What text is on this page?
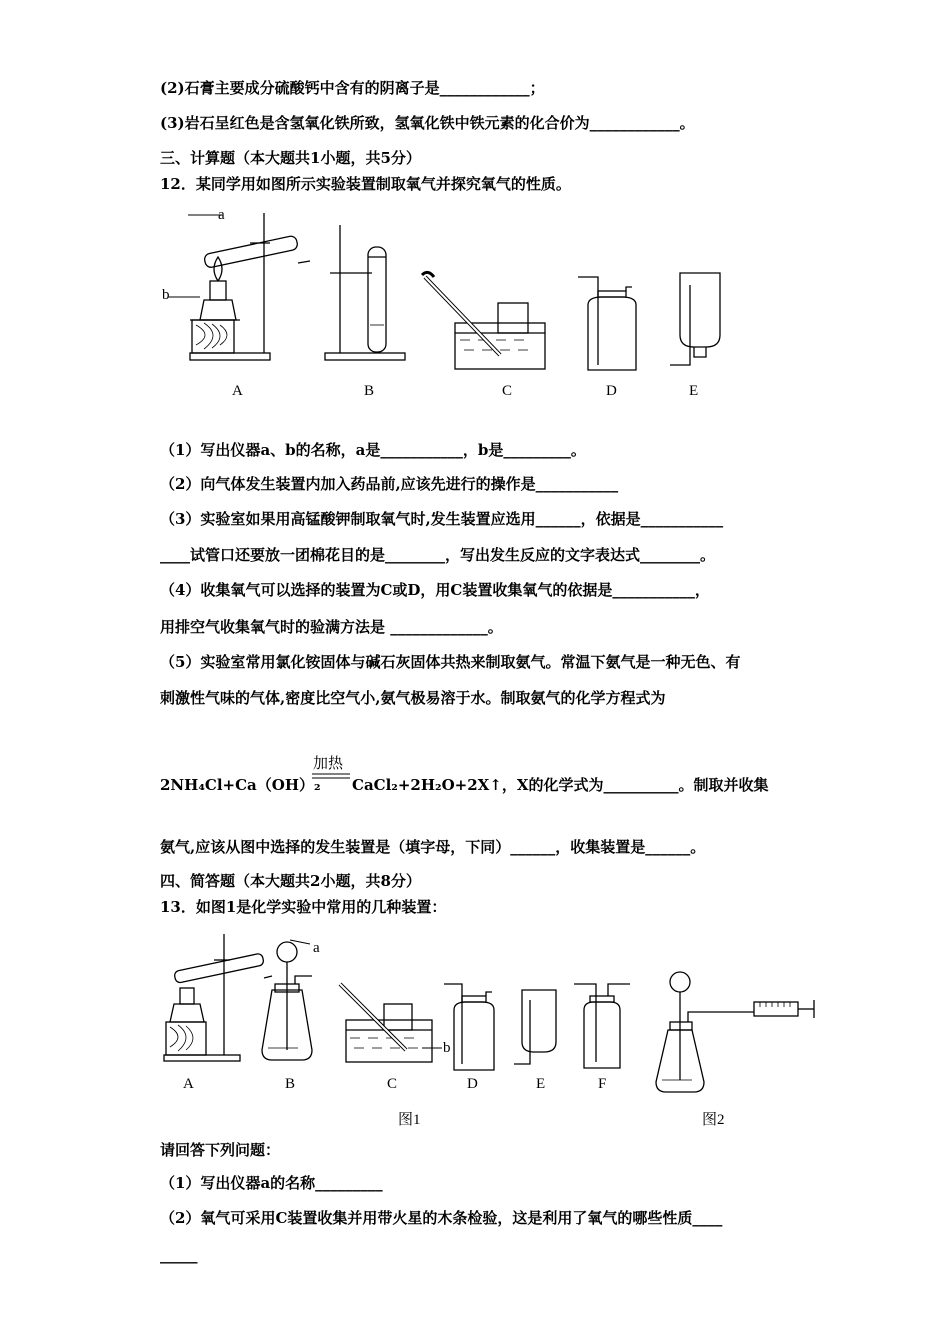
(2)石膏主要成分硫酸钙中含有的阴离子是____________；
(3)岩石呈红色是含氢氧化铁所致，氢氧化铁中铁元素的化合价为____________。
三、计算题（本大题共1小题，共5分）
12．某同学用如图所示实验装置制取氧气并探究氧气的性质。
a
b
A	B	C	D	E
（1）写出仪器a、b的名称，a是___________，b是_________。
（2）向气体发生装置内加入药品前,应该先进行的操作是___________
（3）实验室如果用高锰酸钾制取氧气时,发生装置应选用______，依据是___________
____试管口还要放一团棉花目的是________，写出发生反应的文字表达式________。
（4）收集氧气可以选择的装置为C或D，用C装置收集氧气的依据是___________，
用排空气收集氧气时的验满方法是 _____________。
（5）实验室常用氯化铵固体与碱石灰固体共热来制取氨气。常温下氨气是一种无色、有
刺激性气味的气体,密度比空气小,氨气极易溶于水。制取氨气的化学方程式为
加热
2NH₄Cl+Ca（OH）₂ CaCl₂+2H₂O+2X↑，X的化学式为__________。制取并收集
氨气,应该从图中选择的发生装置是（填字母，下同）______，收集装置是______。
四、简答题（本大题共2小题，共8分）
13．如图1是化学实验中常用的几种装置：
a
b
A	B	C	D	E	F
图1	图2
请回答下列问题：
（1）写出仪器a的名称_________
（2）氧气可采用C装置收集并用带火星的木条检验，这是利用了氧气的哪些性质____
_____
